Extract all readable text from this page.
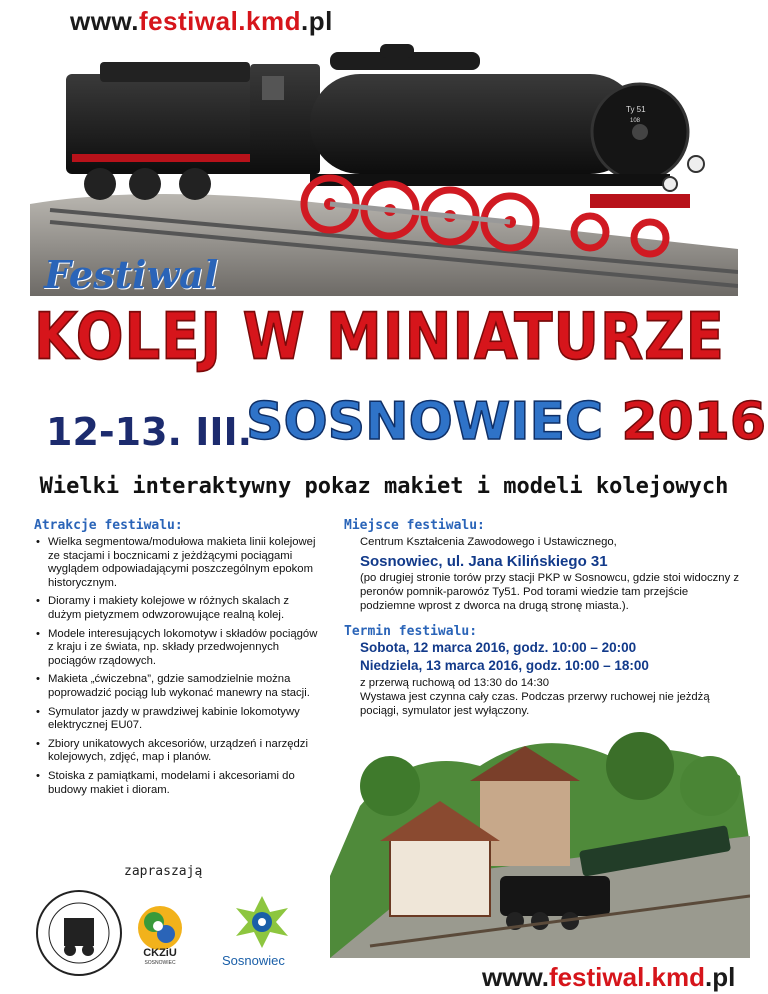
www.festiwal.kmd.pl
Ty 51
108
Festiwal
KOLEJ W MINIATURZE
12-13. III.
SOSNOWIEC 2016
Wielki interaktywny pokaz makiet i modeli kolejowych
Atrakcje festiwalu:
• Wielka segmentowa/modułowa makieta linii kolejowej ze stacjami i bocznicami z jeżdżącymi pociągami wyglądem odpowiadającymi poszczególnym epokom historycznym.
• Dioramy i makiety kolejowe w różnych skalach z dużym pietyzmem odwzorowujące realną kolej.
• Modele interesujących lokomotyw i składów pociągów z kraju i ze świata, np. składy przedwojennych pociągów rządowych.
• Makieta „ćwiczebna”, gdzie samodzielnie można poprowadzić pociąg lub wykonać manewry na stacji.
• Symulator jazdy w prawdziwej kabinie lokomotywy elektrycznej EU07.
• Zbiory unikatowych akcesoriów, urządzeń i narzędzi kolejowych, zdjęć, map i planów.
• Stoiska z pamiątkami, modelami i akcesoriami do budowy makiet i dioram.
Miejsce festiwalu:
Centrum Kształcenia Zawodowego i Ustawicznego,
Sosnowiec, ul. Jana Kilińskiego 31
(po drugiej stronie torów przy stacji PKP w Sosnowcu, gdzie stoi widoczny z peronów pomnik-parowóz Ty51. Pod torami wiedzie tam przejście podziemne wprost z dworca na drugą stronę miasta.).
Termin festiwalu:
Sobota, 12 marca 2016, godz. 10:00 – 20:00
Niedziela, 13 marca 2016, godz. 10:00 – 18:00
z przerwą ruchową od 13:30 do 14:30
Wystawa jest czynna cały czas. Podczas przerwy ruchowej nie jeżdżą pociągi, symulator jest wyłączony.
zapraszają
CKZiU
SOSNOWIEC	Sosnowiec
www.festiwal.kmd.pl
